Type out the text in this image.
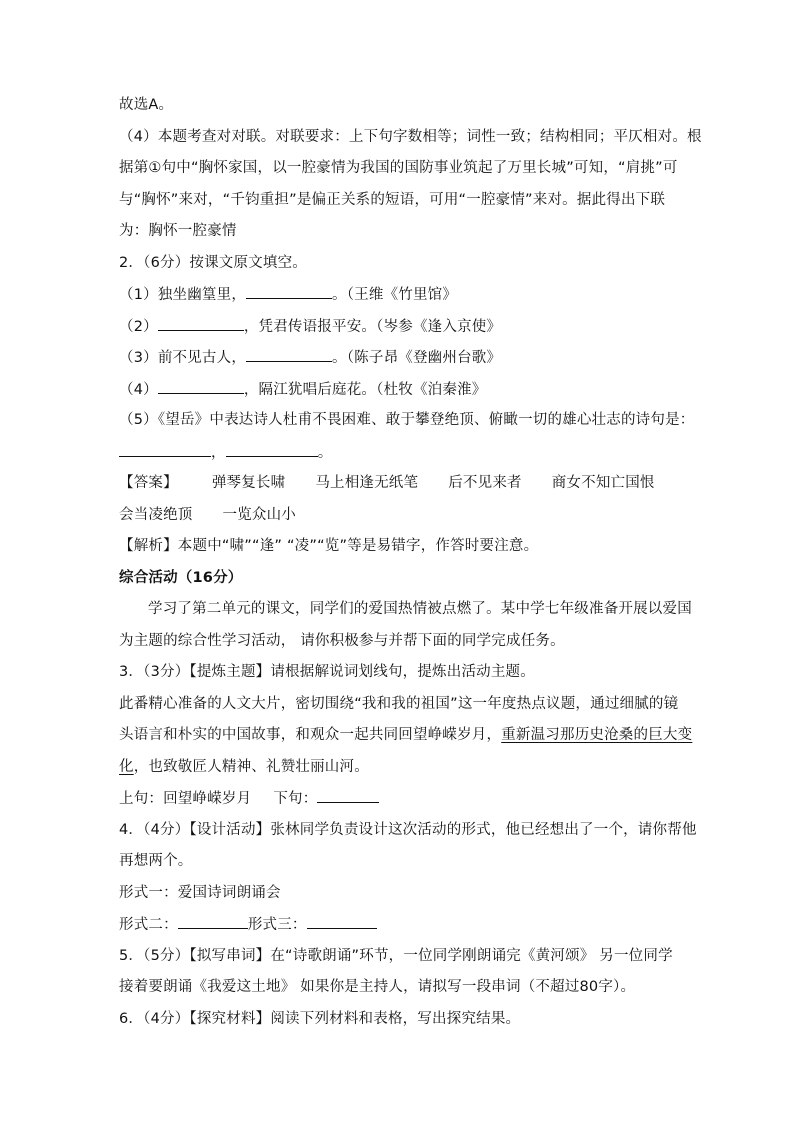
故选A。
（4）本题考查对对联。对联要求：上下句字数相等；词性一致；结构相同；平仄相对。根
据第①句中“胸怀家国，以一腔豪情为我国的国防事业筑起了万里长城”可知，“肩挑”可
与“胸怀”来对，“千钧重担”是偏正关系的短语，可用“一腔豪情”来对。据此得出下联
为：胸怀一腔豪情
2．（6分）按课文原文填空。
（1）独坐幽篁里，	。（王维《竹里馆》
（2）	，凭君传语报平安。（岑参《逢入京使》
（3）前不见古人，	。（陈子昂《登幽州台歌》
（4）	，隔江犹唱后庭花。（杜牧《泊秦淮》
（5）《望岳》中表达诗人杜甫不畏困难、敢于攀登绝顶、俯瞰一切的雄心壮志的诗句是：
，	。
【答案】 弹琴复长啸 马上相逢无纸笔 后不见来者 商女不知亡国恨
会当凌绝顶 一览众山小
【解析】本题中“啸”“逢” “凌”“览”等是易错字，作答时要注意。
综合活动（16分）
学习了第二单元的课文，同学们的爱国热情被点燃了。某中学七年级准备开展以爱国
为主题的综合性学习活动， 请你积极参与并帮下面的同学完成任务。
3．（3分）【提炼主题】请根据解说词划线句，提炼出活动主题。
此番精心准备的人文大片，密切围绕“我和我的祖国”这一年度热点议题，通过细腻的镜
头语言和朴实的中国故事，和观众一起共同回望峥嵘岁月，重新温习那历史沧桑的巨大变
化，也致敬匠人精神、礼赞壮丽山河。
上句：回望峥嵘岁月 下句：
4．（4分）【设计活动】张林同学负责设计这次活动的形式，他已经想出了一个，请你帮他
再想两个。
形式一：爱国诗词朗诵会
形式二：	形式三：
5．（5分）【拟写串词】在“诗歌朗诵”环节，一位同学刚朗诵完《黄河颂》 另一位同学
接着要朗诵《我爱这土地》 如果你是主持人，请拟写一段串词（不超过80字）。
6．（4分）【探究材料】阅读下列材料和表格，写出探究结果。
